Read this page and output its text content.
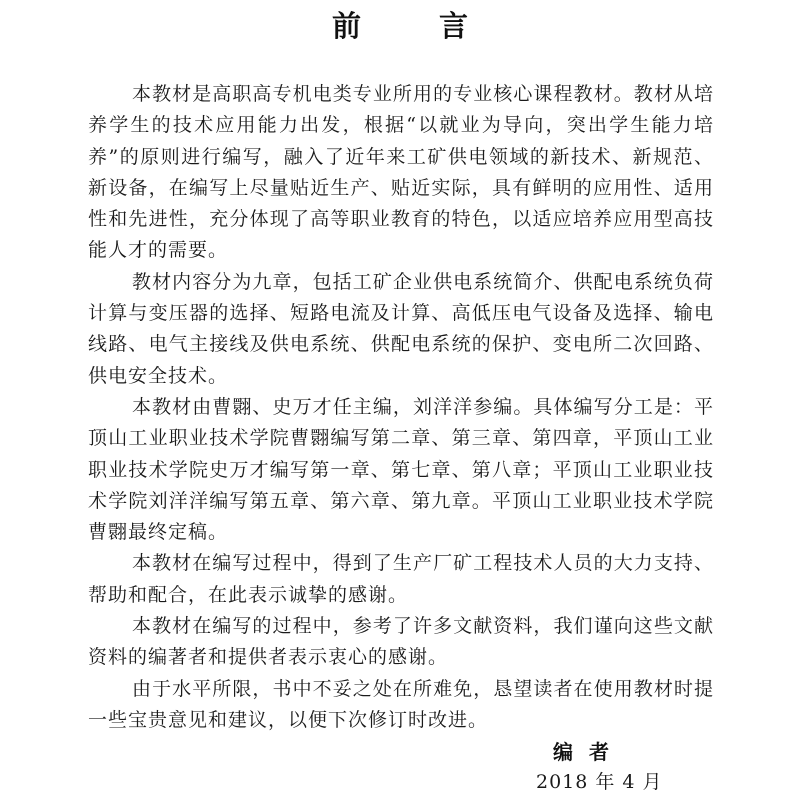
前 言

本教材是高职高专机电类专业所用的专业核心课程教材。教材从培养学生的技术应用能力出发，根据“以就业为导向，突出学生能力培养”的原则进行编写，融入了近年来工矿供电领域的新技术、新规范、新设备，在编写上尽量贴近生产、贴近实际，具有鲜明的应用性、适用性和先进性，充分体现了高等职业教育的特色，以适应培养应用型高技能人才的需要。

教材内容分为九章，包括工矿企业供电系统简介、供配电系统负荷计算与变压器的选择、短路电流及计算、高低压电气设备及选择、输电线路、电气主接线及供电系统、供配电系统的保护、变电所二次回路、供电安全技术。

本教材由曹翾、史万才任主编，刘洋洋参编。具体编写分工是：平顶山工业职业技术学院曹翾编写第二章、第三章、第四章，平顶山工业职业技术学院史万才编写第一章、第七章、第八章；平顶山工业职业技术学院刘洋洋编写第五章、第六章、第九章。平顶山工业职业技术学院曹翾最终定稿。

本教材在编写过程中，得到了生产厂矿工程技术人员的大力支持、帮助和配合，在此表示诚挚的感谢。

本教材在编写的过程中，参考了许多文献资料，我们谨向这些文献资料的编著者和提供者表示衷心的感谢。

由于水平所限，书中不妥之处在所难免，恳望读者在使用教材时提一些宝贵意见和建议，以便下次修订时改进。

编者
2018 年 4 月
